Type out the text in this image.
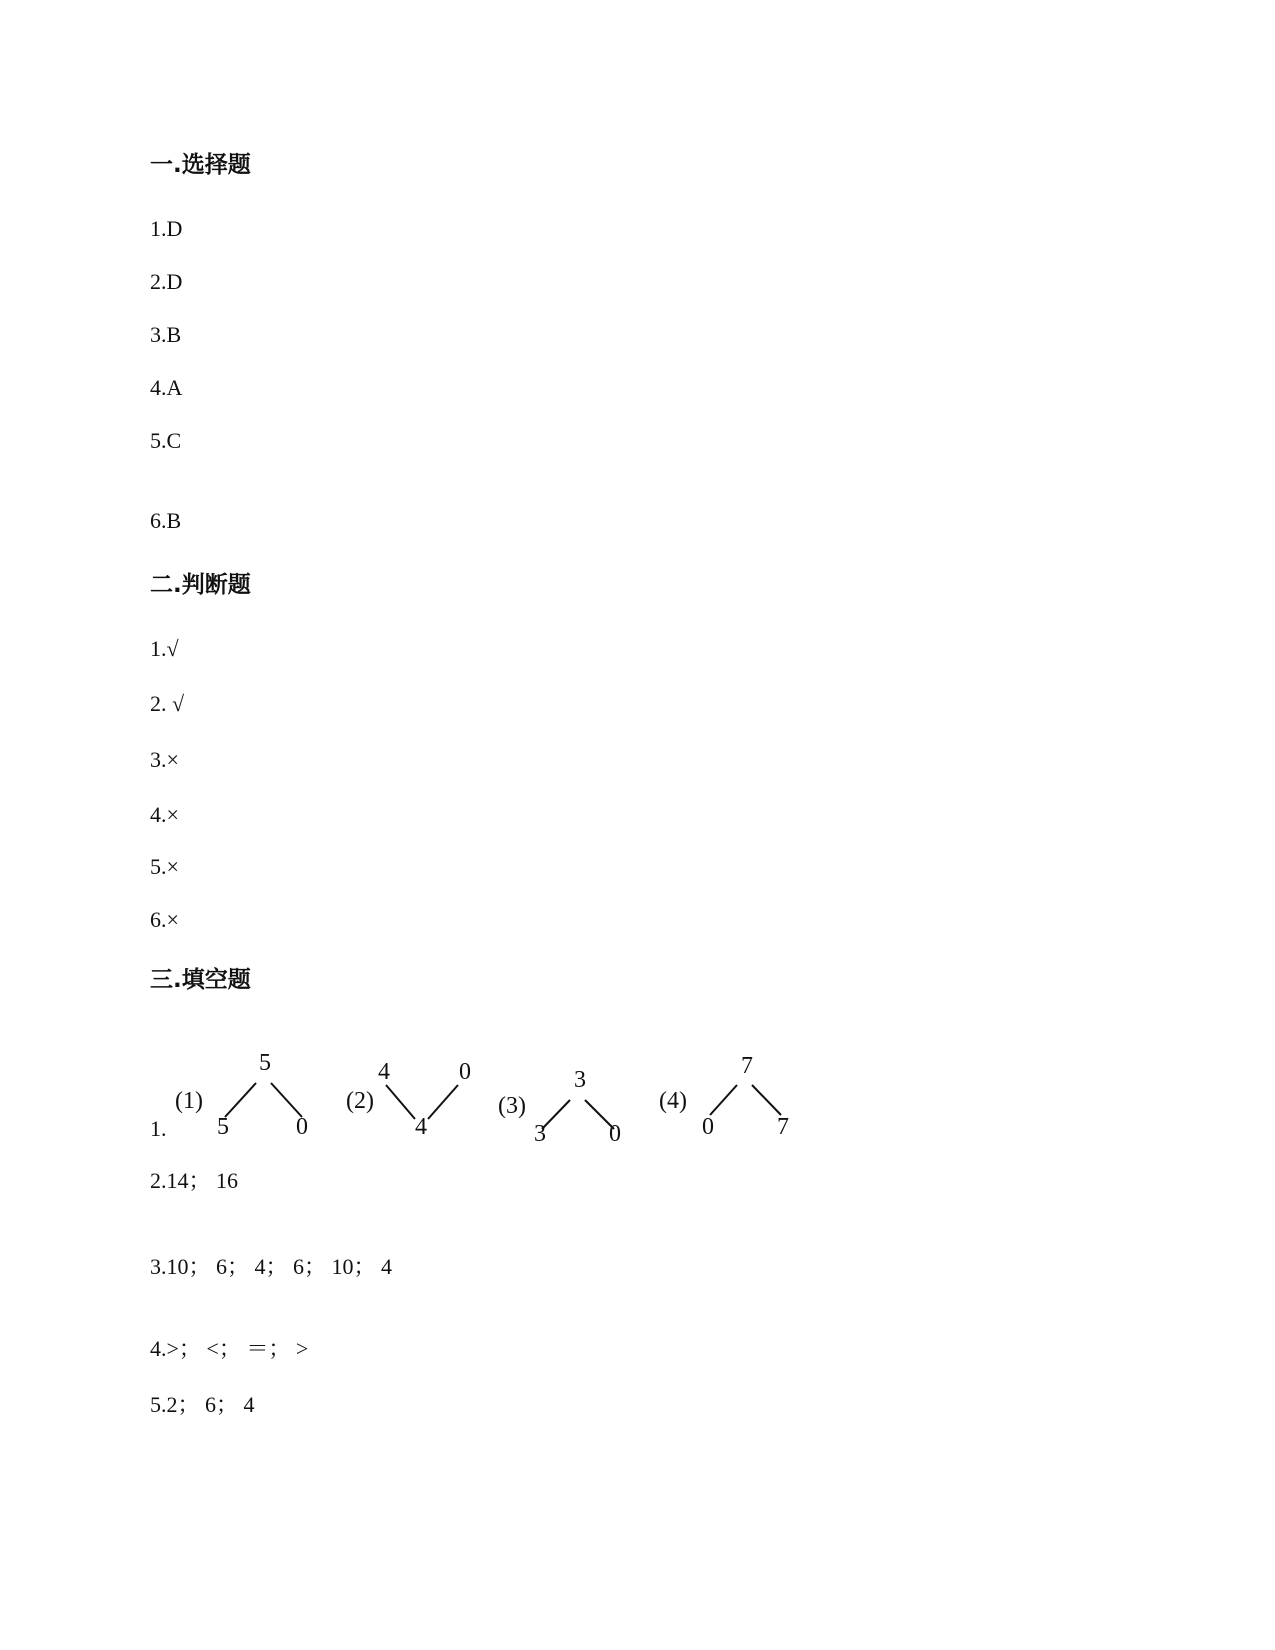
一.选择题
1.D
2.D
3.B
4.A
5.C
6.B
二.判断题
1.√
2. √
3.×
4.×
5.×
6.×
三.填空题
1.
(1)
5
5	0
(2)
4	0
4
(3)
3
3	0
(4)
7
0	7
2.14； 16
3.10； 6； 4； 6； 10； 4
4.>； <； ＝； >
5.2； 6； 4
